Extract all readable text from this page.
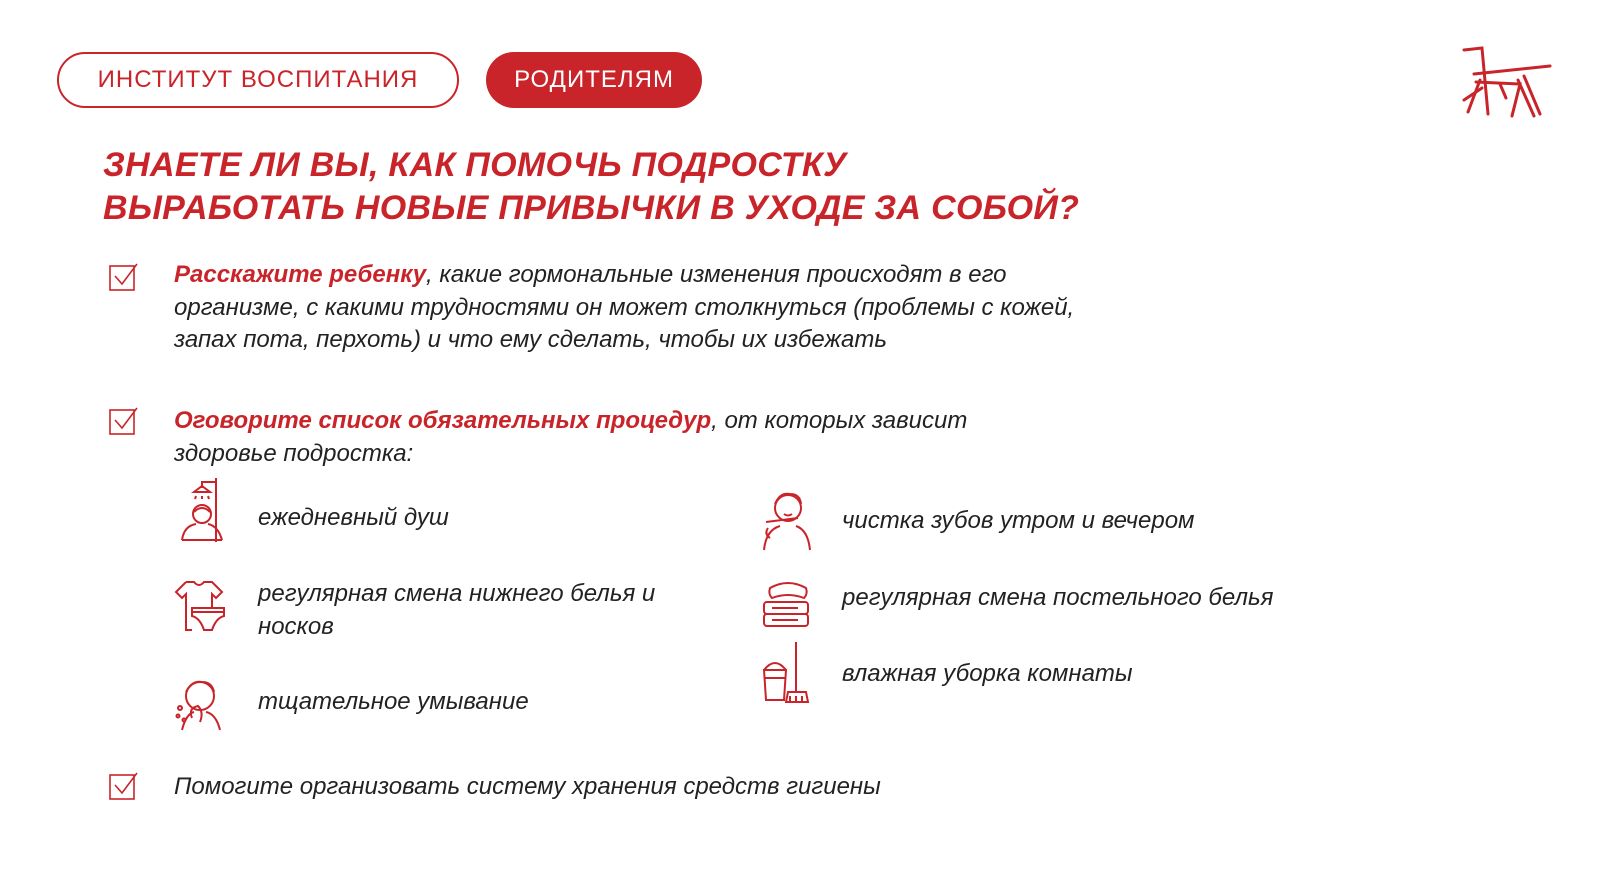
ИНСТИТУТ ВОСПИТАНИЯ	РОДИТЕЛЯМ
ЗНАЕТЕ ЛИ ВЫ, КАК ПОМОЧЬ ПОДРОСТКУ
ВЫРАБОТАТЬ НОВЫЕ ПРИВЫЧКИ В УХОДЕ ЗА СОБОЙ?

Расскажите ребенку, какие гормональные изменения происходят в его организме, с какими трудностями он может столкнуться (проблемы с кожей, запах пота, перхоть) и что ему сделать, чтобы их избежать

Оговорите список обязательных процедур, от которых зависит здоровье подростка:

ежедневный душ

регулярная смена нижнего белья и носков

тщательное умывание

чистка зубов утром и вечером

регулярная смена постельного белья

влажная уборка комнаты

Помогите организовать систему хранения средств гигиены
